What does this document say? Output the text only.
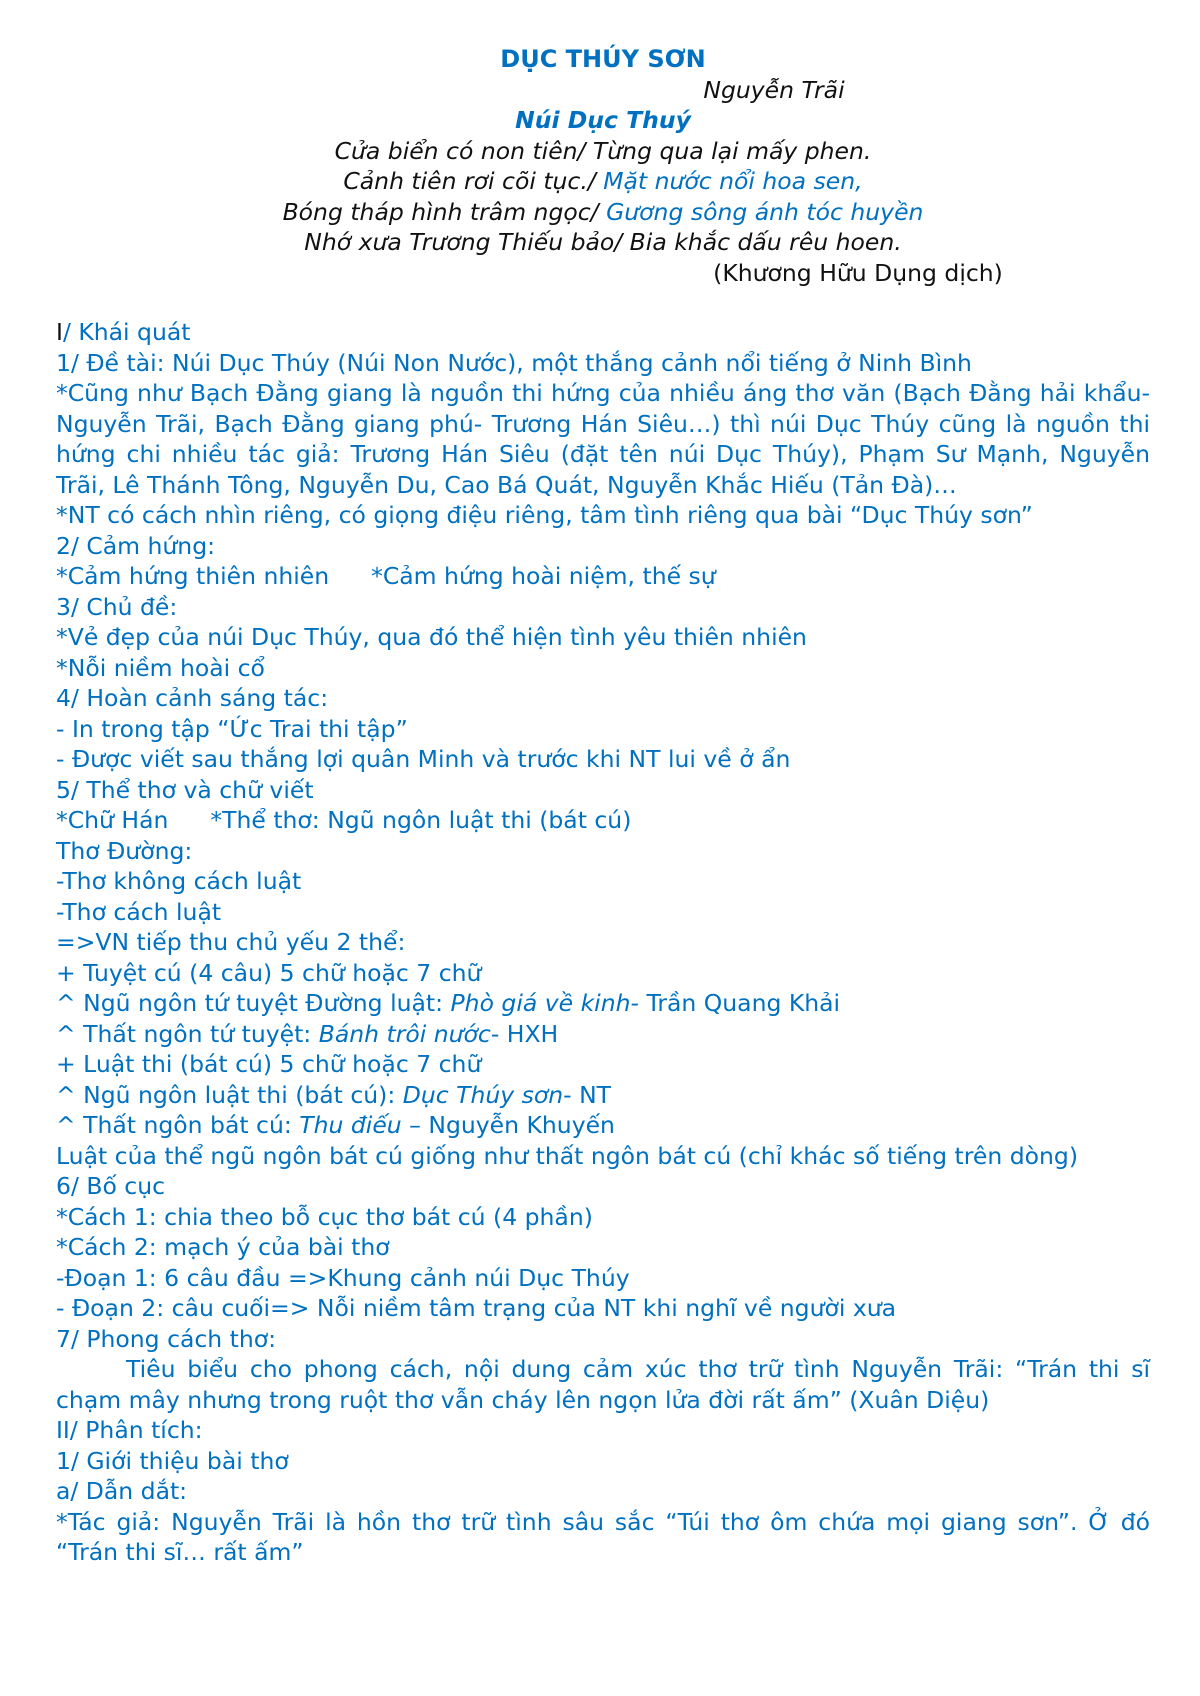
DỤC THÚY SƠN
Nguyễn Trãi
Núi Dục Thuý
Cửa biển có non tiên/ Từng qua lại mấy phen.
Cảnh tiên rơi cõi tục./ Mặt nước nổi hoa sen,
Bóng tháp hình trâm ngọc/ Gương sông ánh tóc huyền
Nhớ xưa Trương Thiếu bảo/ Bia khắc dấu rêu hoen.
(Khương Hữu Dụng dịch)

I/ Khái quát

1/ Đề tài: Núi Dục Thúy (Núi Non Nước), một thắng cảnh nổi tiếng ở Ninh Bình

*Cũng như Bạch Đằng giang là nguồn thi hứng của nhiều áng thơ văn (Bạch Đằng hải khẩu- Nguyễn Trãi, Bạch Đằng giang phú- Trương Hán Siêu…) thì núi Dục Thúy cũng là nguồn thi hứng chi nhiều tác giả: Trương Hán Siêu (đặt tên núi Dục Thúy), Phạm Sư Mạnh, Nguyễn Trãi, Lê Thánh Tông, Nguyễn Du, Cao Bá Quát, Nguyễn Khắc Hiếu (Tản Đà)…

*NT có cách nhìn riêng, có giọng điệu riêng, tâm tình riêng qua bài “Dục Thúy sơn”

2/ Cảm hứng:

*Cảm hứng thiên nhiên *Cảm hứng hoài niệm, thế sự

3/ Chủ đề:

*Vẻ đẹp của núi Dục Thúy, qua đó thể hiện tình yêu thiên nhiên

*Nỗi niềm hoài cổ

4/ Hoàn cảnh sáng tác:

- In trong tập “Ức Trai thi tập”

- Được viết sau thắng lợi quân Minh và trước khi NT lui về ở ẩn

5/ Thể thơ và chữ viết

*Chữ Hán *Thể thơ: Ngũ ngôn luật thi (bát cú)

Thơ Đường:

-Thơ không cách luật

-Thơ cách luật

=>VN tiếp thu chủ yếu 2 thể:

+ Tuyệt cú (4 câu) 5 chữ hoặc 7 chữ

^ Ngũ ngôn tứ tuyệt Đường luật: Phò giá về kinh- Trần Quang Khải

^ Thất ngôn tứ tuyệt: Bánh trôi nước- HXH

+ Luật thi (bát cú) 5 chữ hoặc 7 chữ

^ Ngũ ngôn luật thi (bát cú): Dục Thúy sơn- NT

^ Thất ngôn bát cú: Thu điếu – Nguyễn Khuyến

Luật của thể ngũ ngôn bát cú giống như thất ngôn bát cú (chỉ khác số tiếng trên dòng)

6/ Bố cục

*Cách 1: chia theo bỗ cục thơ bát cú (4 phần)

*Cách 2: mạch ý của bài thơ

-Đoạn 1: 6 câu đầu =>Khung cảnh núi Dục Thúy

- Đoạn 2: câu cuối=> Nỗi niềm tâm trạng của NT khi nghĩ về người xưa

7/ Phong cách thơ:

Tiêu biểu cho phong cách, nội dung cảm xúc thơ trữ tình Nguyễn Trãi: “Trán thi sĩ chạm mây nhưng trong ruột thơ vẫn cháy lên ngọn lửa đời rất ấm” (Xuân Diệu)

II/ Phân tích:

1/ Giới thiệu bài thơ

a/ Dẫn dắt:

*Tác giả: Nguyễn Trãi là hồn thơ trữ tình sâu sắc “Túi thơ ôm chứa mọi giang sơn”. Ở đó “Trán thi sĩ… rất ấm”
